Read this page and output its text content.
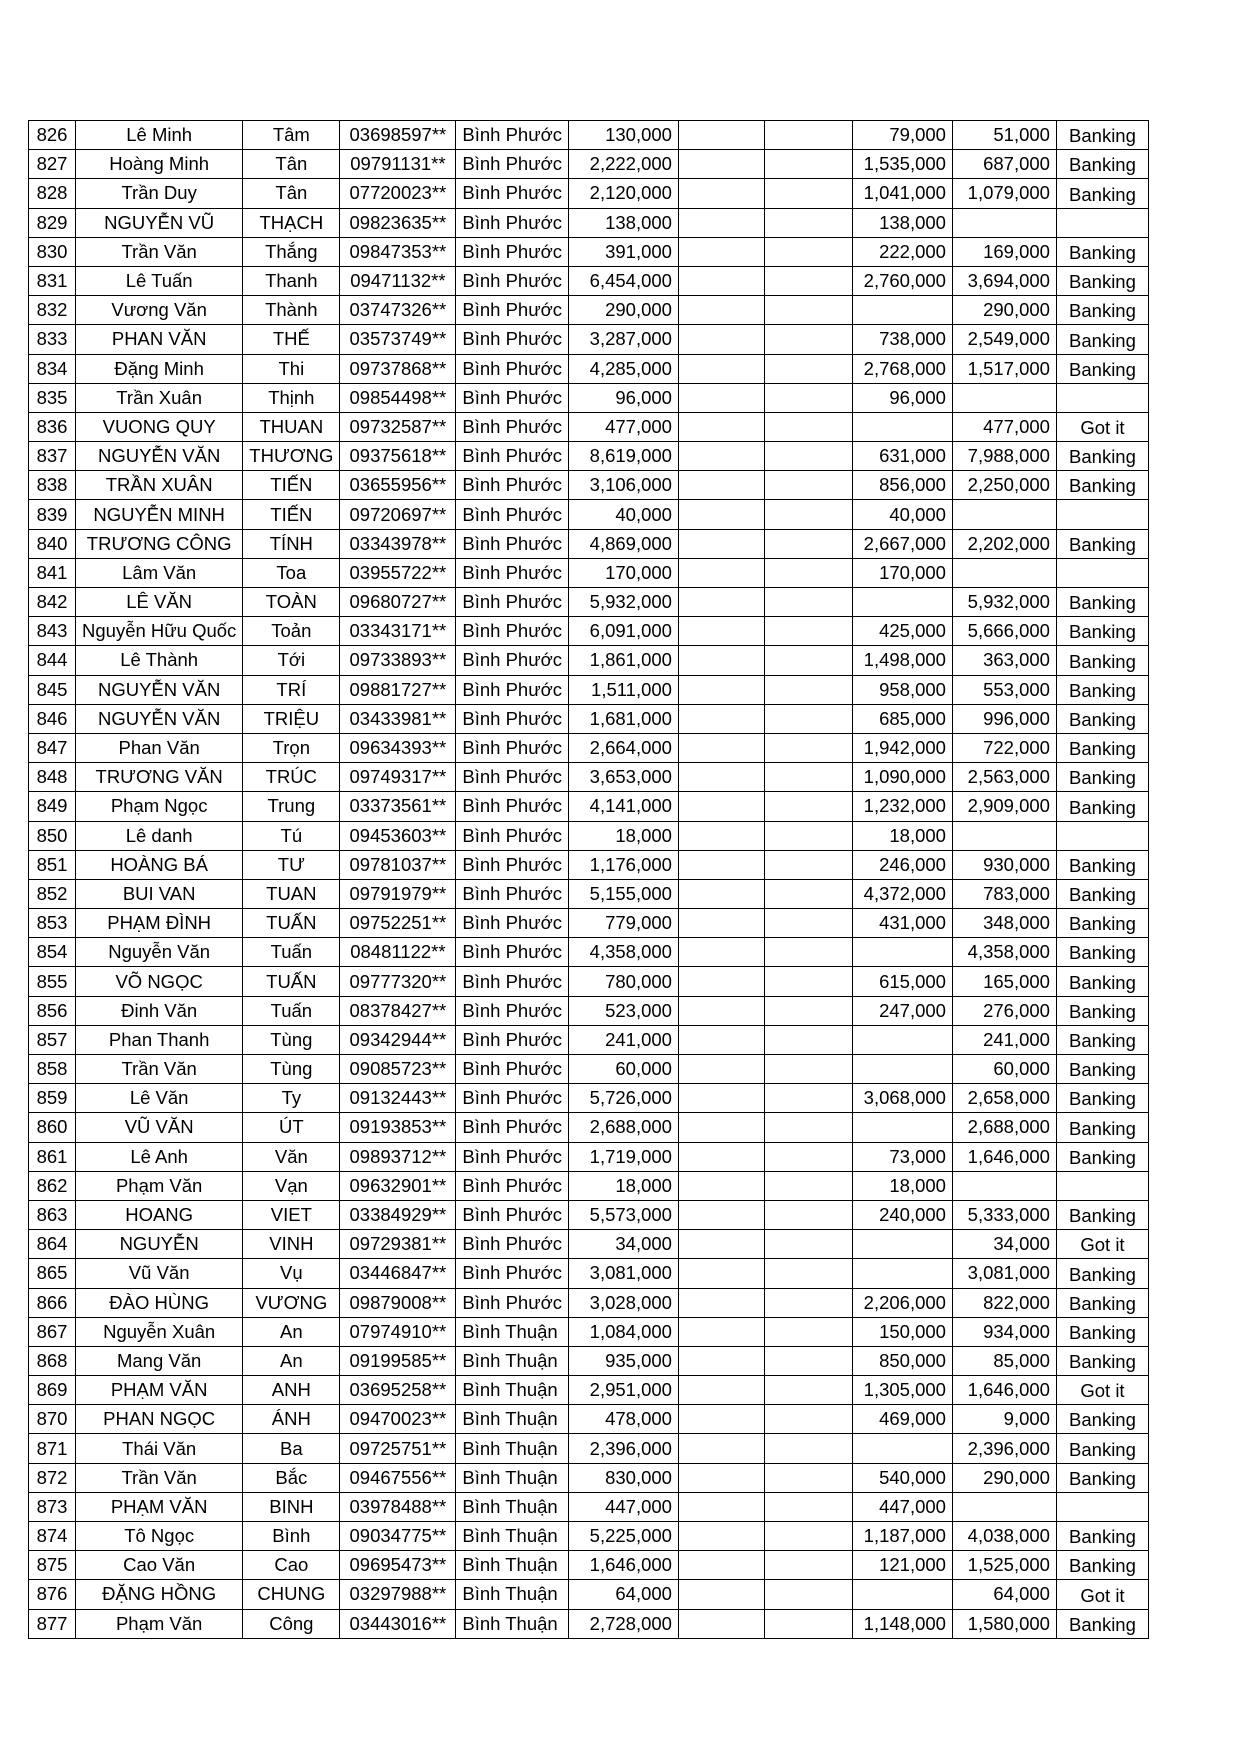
826	Lê Minh	Tâm	03698597**	Bình Phước	130,000			79,000	51,000	Banking
827	Hoàng Minh	Tân	09791131**	Bình Phước	2,222,000			1,535,000	687,000	Banking
828	Trần Duy	Tân	07720023**	Bình Phước	2,120,000			1,041,000	1,079,000	Banking
829	NGUYỄN VŨ	THẠCH	09823635**	Bình Phước	138,000			138,000		
830	Trần Văn	Thắng	09847353**	Bình Phước	391,000			222,000	169,000	Banking
831	Lê Tuấn	Thanh	09471132**	Bình Phước	6,454,000			2,760,000	3,694,000	Banking
832	Vương Văn	Thành	03747326**	Bình Phước	290,000				290,000	Banking
833	PHAN VĂN	THẾ	03573749**	Bình Phước	3,287,000			738,000	2,549,000	Banking
834	Đặng Minh	Thi	09737868**	Bình Phước	4,285,000			2,768,000	1,517,000	Banking
835	Trần Xuân	Thịnh	09854498**	Bình Phước	96,000			96,000		
836	VUONG QUY	THUAN	09732587**	Bình Phước	477,000				477,000	Got it
837	NGUYỄN VĂN	THƯƠNG	09375618**	Bình Phước	8,619,000			631,000	7,988,000	Banking
838	TRẦN XUÂN	TIẾN	03655956**	Bình Phước	3,106,000			856,000	2,250,000	Banking
839	NGUYỄN MINH	TIẾN	09720697**	Bình Phước	40,000			40,000		
840	TRƯƠNG CÔNG	TÍNH	03343978**	Bình Phước	4,869,000			2,667,000	2,202,000	Banking
841	Lâm Văn	Toa	03955722**	Bình Phước	170,000			170,000		
842	LÊ VĂN	TOÀN	09680727**	Bình Phước	5,932,000				5,932,000	Banking
843	Nguyễn Hữu Quốc	Toản	03343171**	Bình Phước	6,091,000			425,000	5,666,000	Banking
844	Lê Thành	Tới	09733893**	Bình Phước	1,861,000			1,498,000	363,000	Banking
845	NGUYỄN VĂN	TRÍ	09881727**	Bình Phước	1,511,000			958,000	553,000	Banking
846	NGUYỄN VĂN	TRIỆU	03433981**	Bình Phước	1,681,000			685,000	996,000	Banking
847	Phan Văn	Trọn	09634393**	Bình Phước	2,664,000			1,942,000	722,000	Banking
848	TRƯƠNG VĂN	TRÚC	09749317**	Bình Phước	3,653,000			1,090,000	2,563,000	Banking
849	Phạm Ngọc	Trung	03373561**	Bình Phước	4,141,000			1,232,000	2,909,000	Banking
850	Lê danh	Tú	09453603**	Bình Phước	18,000			18,000		
851	HOÀNG BÁ	TƯ	09781037**	Bình Phước	1,176,000			246,000	930,000	Banking
852	BUI VAN	TUAN	09791979**	Bình Phước	5,155,000			4,372,000	783,000	Banking
853	PHẠM ĐÌNH	TUẤN	09752251**	Bình Phước	779,000			431,000	348,000	Banking
854	Nguyễn Văn	Tuấn	08481122**	Bình Phước	4,358,000				4,358,000	Banking
855	VÕ NGỌC	TUẤN	09777320**	Bình Phước	780,000			615,000	165,000	Banking
856	Đinh Văn	Tuấn	08378427**	Bình Phước	523,000			247,000	276,000	Banking
857	Phan Thanh	Tùng	09342944**	Bình Phước	241,000				241,000	Banking
858	Trần Văn	Tùng	09085723**	Bình Phước	60,000				60,000	Banking
859	Lê Văn	Ty	09132443**	Bình Phước	5,726,000			3,068,000	2,658,000	Banking
860	VŨ VĂN	ÚT	09193853**	Bình Phước	2,688,000				2,688,000	Banking
861	Lê Anh	Văn	09893712**	Bình Phước	1,719,000			73,000	1,646,000	Banking
862	Phạm Văn	Vạn	09632901**	Bình Phước	18,000			18,000		
863	HOANG	VIET	03384929**	Bình Phước	5,573,000			240,000	5,333,000	Banking
864	NGUYỄN	VINH	09729381**	Bình Phước	34,000				34,000	Got it
865	Vũ Văn	Vụ	03446847**	Bình Phước	3,081,000				3,081,000	Banking
866	ĐÀO HÙNG	VƯƠNG	09879008**	Bình Phước	3,028,000			2,206,000	822,000	Banking
867	Nguyễn Xuân	An	07974910**	Bình Thuận	1,084,000			150,000	934,000	Banking
868	Mang Văn	An	09199585**	Bình Thuận	935,000			850,000	85,000	Banking
869	PHẠM VĂN	ANH	03695258**	Bình Thuận	2,951,000			1,305,000	1,646,000	Got it
870	PHAN NGỌC	ÁNH	09470023**	Bình Thuận	478,000			469,000	9,000	Banking
871	Thái Văn	Ba	09725751**	Bình Thuận	2,396,000				2,396,000	Banking
872	Trần Văn	Bắc	09467556**	Bình Thuận	830,000			540,000	290,000	Banking
873	PHẠM VĂN	BINH	03978488**	Bình Thuận	447,000			447,000		
874	Tô Ngọc	Bình	09034775**	Bình Thuận	5,225,000			1,187,000	4,038,000	Banking
875	Cao Văn	Cao	09695473**	Bình Thuận	1,646,000			121,000	1,525,000	Banking
876	ĐẶNG HỒNG	CHUNG	03297988**	Bình Thuận	64,000				64,000	Got it
877	Phạm Văn	Công	03443016**	Bình Thuận	2,728,000			1,148,000	1,580,000	Banking
